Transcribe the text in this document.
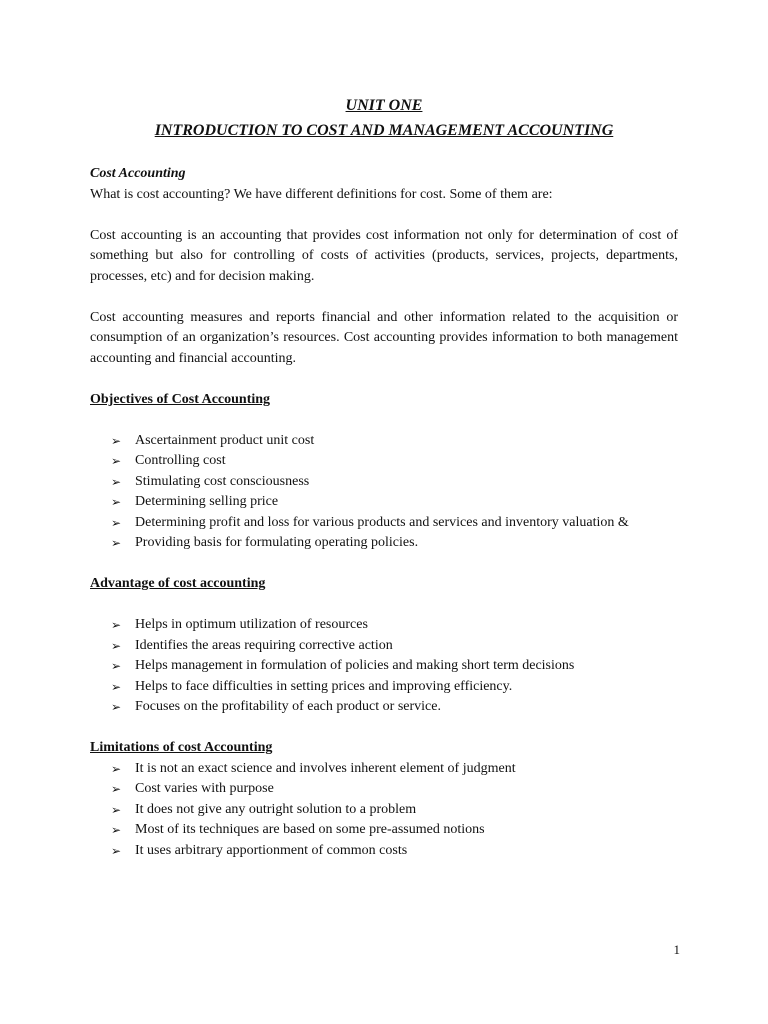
UNIT ONE
INTRODUCTION TO COST AND MANAGEMENT ACCOUNTING

Cost Accounting

What is cost accounting? We have different definitions for cost. Some of them are:

Cost accounting is an accounting that provides cost information not only for determination of cost of something but also for controlling of costs of activities (products, services, projects, departments, processes, etc) and for decision making.

Cost accounting measures and reports financial and other information related to the acquisition or consumption of an organization’s resources. Cost accounting provides information to both management accounting and financial accounting.

Objectives of Cost Accounting

➢ Ascertainment product unit cost
➢ Controlling cost
➢ Stimulating cost consciousness
➢ Determining selling price
➢ Determining profit and loss for various products and services and inventory valuation &
➢ Providing basis for formulating operating policies.

Advantage of cost accounting

➢ Helps in optimum utilization of resources
➢ Identifies the areas requiring corrective action
➢ Helps management in formulation of policies and making short term decisions
➢ Helps to face difficulties in setting prices and improving efficiency.
➢ Focuses on the profitability of each product or service.

Limitations of cost Accounting

➢ It is not an exact science and involves inherent element of judgment
➢ Cost varies with purpose
➢ It does not give any outright solution to a problem
➢ Most of its techniques are based on some pre-assumed notions
➢ It uses arbitrary apportionment of common costs
1
